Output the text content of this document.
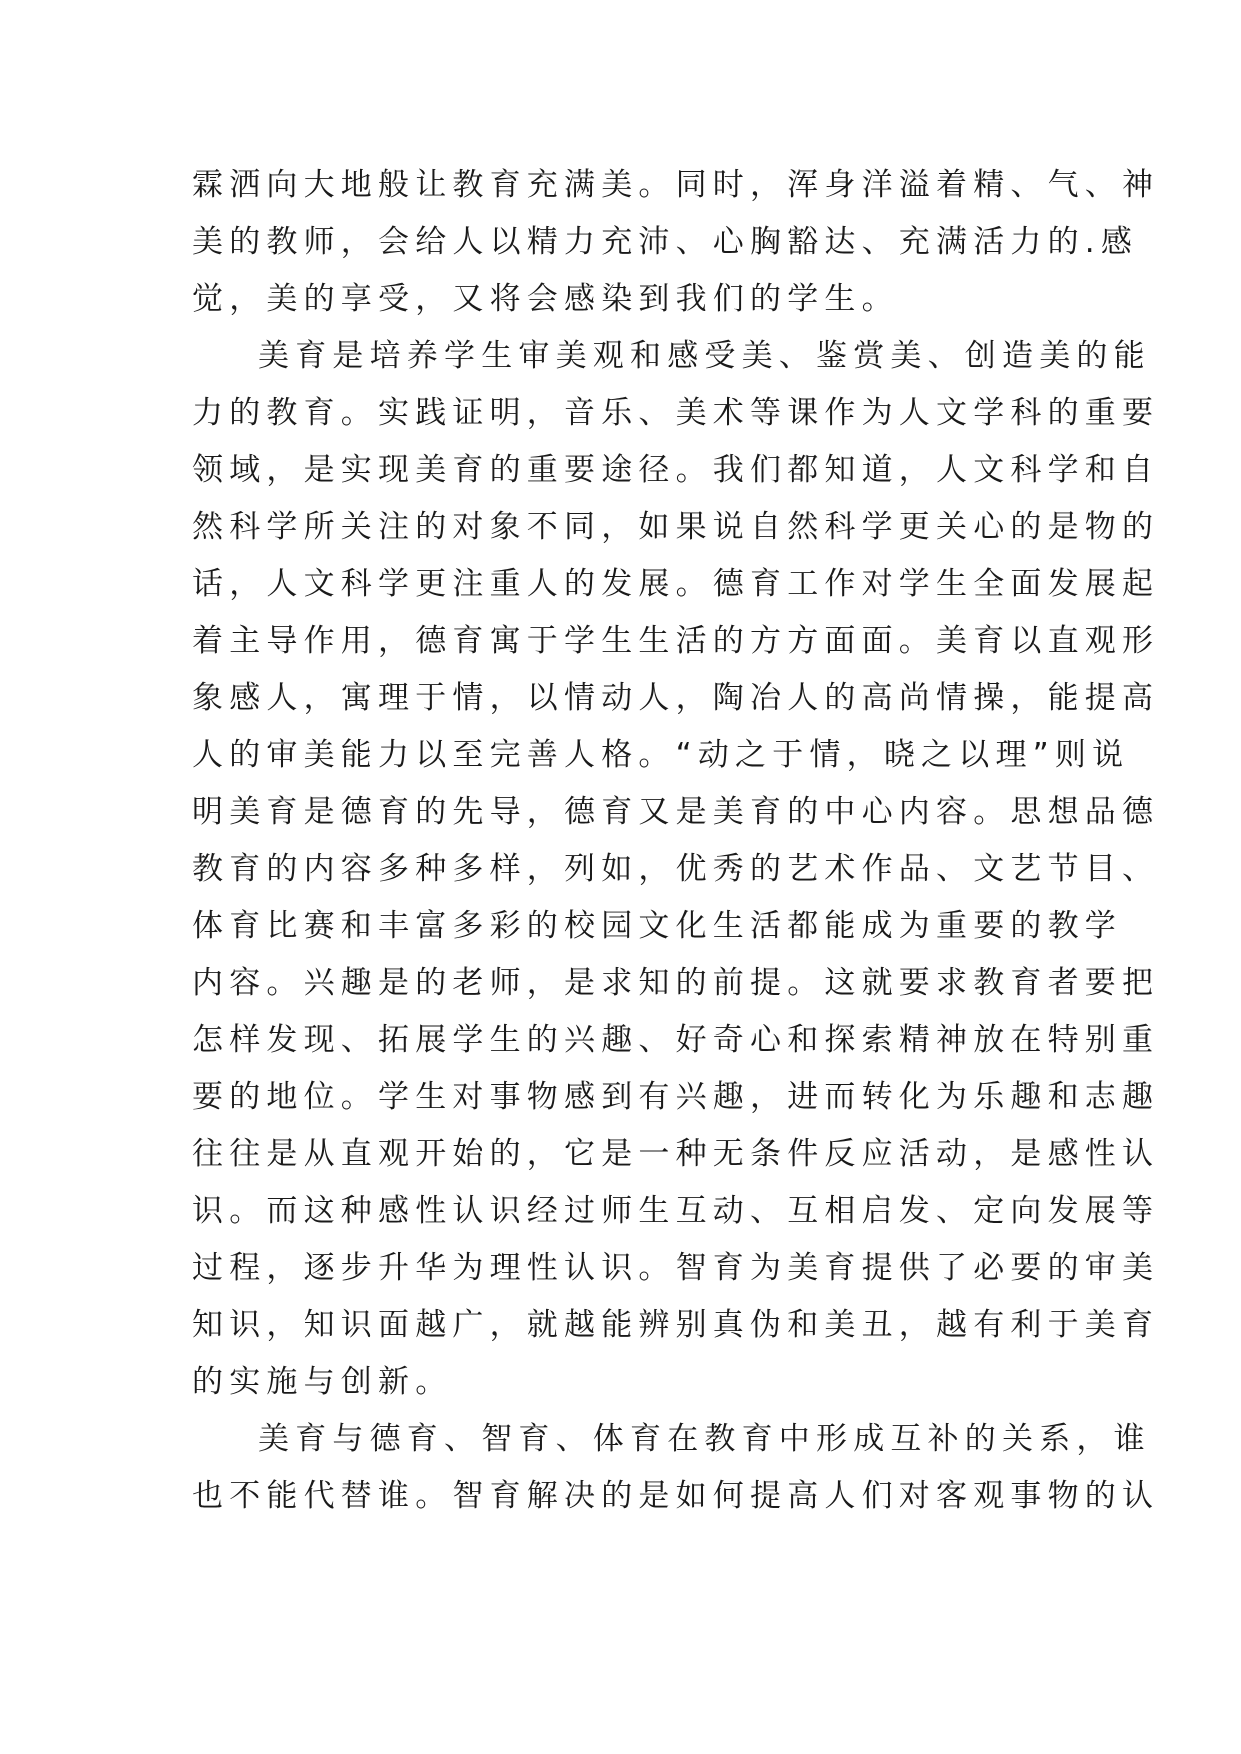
霖洒向大地般让教育充满美。同时，浑身洋溢着精、气、神
美的教师，会给人以精力充沛、心胸豁达、充满活力的.感
觉，美的享受，又将会感染到我们的学生。
美育是培养学生审美观和感受美、鉴赏美、创造美的能
力的教育。实践证明，音乐、美术等课作为人文学科的重要
领域，是实现美育的重要途径。我们都知道，人文科学和自
然科学所关注的对象不同，如果说自然科学更关心的是物的
话，人文科学更注重人的发展。德育工作对学生全面发展起
着主导作用，德育寓于学生生活的方方面面。美育以直观形
象感人，寓理于情，以情动人，陶冶人的高尚情操，能提高
人的审美能力以至完善人格。“动之于情，晓之以理”则说
明美育是德育的先导，德育又是美育的中心内容。思想品德
教育的内容多种多样，列如，优秀的艺术作品、文艺节目、
体育比赛和丰富多彩的校园文化生活都能成为重要的教学
内容。兴趣是的老师，是求知的前提。这就要求教育者要把
怎样发现、拓展学生的兴趣、好奇心和探索精神放在特别重
要的地位。学生对事物感到有兴趣，进而转化为乐趣和志趣
往往是从直观开始的，它是一种无条件反应活动，是感性认
识。而这种感性认识经过师生互动、互相启发、定向发展等
过程，逐步升华为理性认识。智育为美育提供了必要的审美
知识，知识面越广，就越能辨别真伪和美丑，越有利于美育
的实施与创新。
美育与德育、智育、体育在教育中形成互补的关系，谁
也不能代替谁。智育解决的是如何提高人们对客观事物的认
